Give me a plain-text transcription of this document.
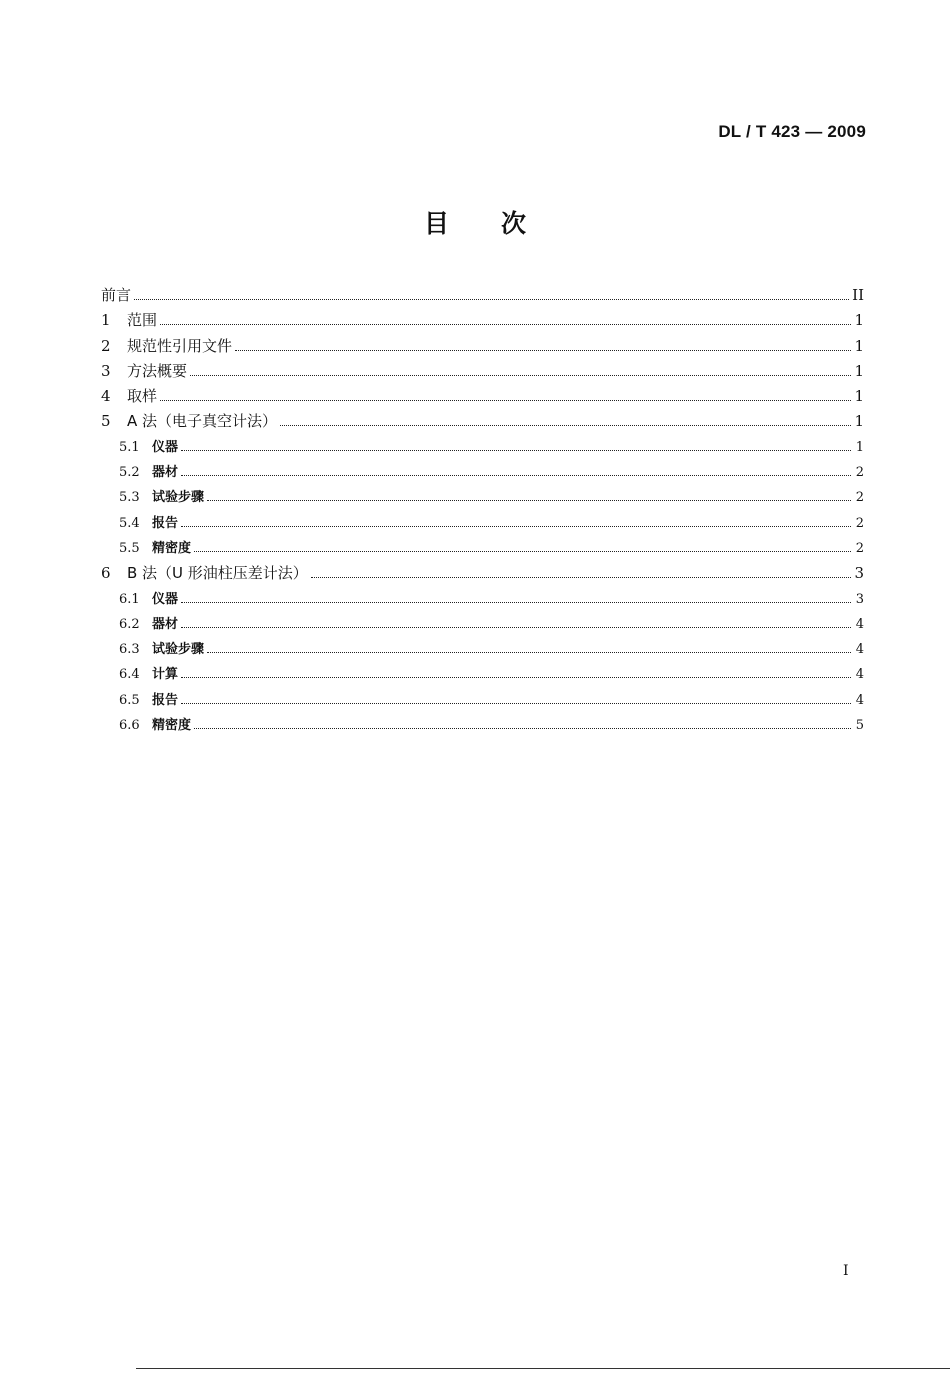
DL / T 423 — 2009
目 次
前言	II
1	范围	1
2	规范性引用文件	1
3	方法概要	1
4	取样	1
5	A 法（电子真空计法）	1
5.1 仪器	1
5.2 器材	2
5.3 试验步骤	2
5.4 报告	2
5.5 精密度	2
6	B 法（U 形油柱压差计法）	3
6.1 仪器	3
6.2 器材	4
6.3 试验步骤	4
6.4 计算	4
6.5 报告	4
6.6 精密度	5
I
